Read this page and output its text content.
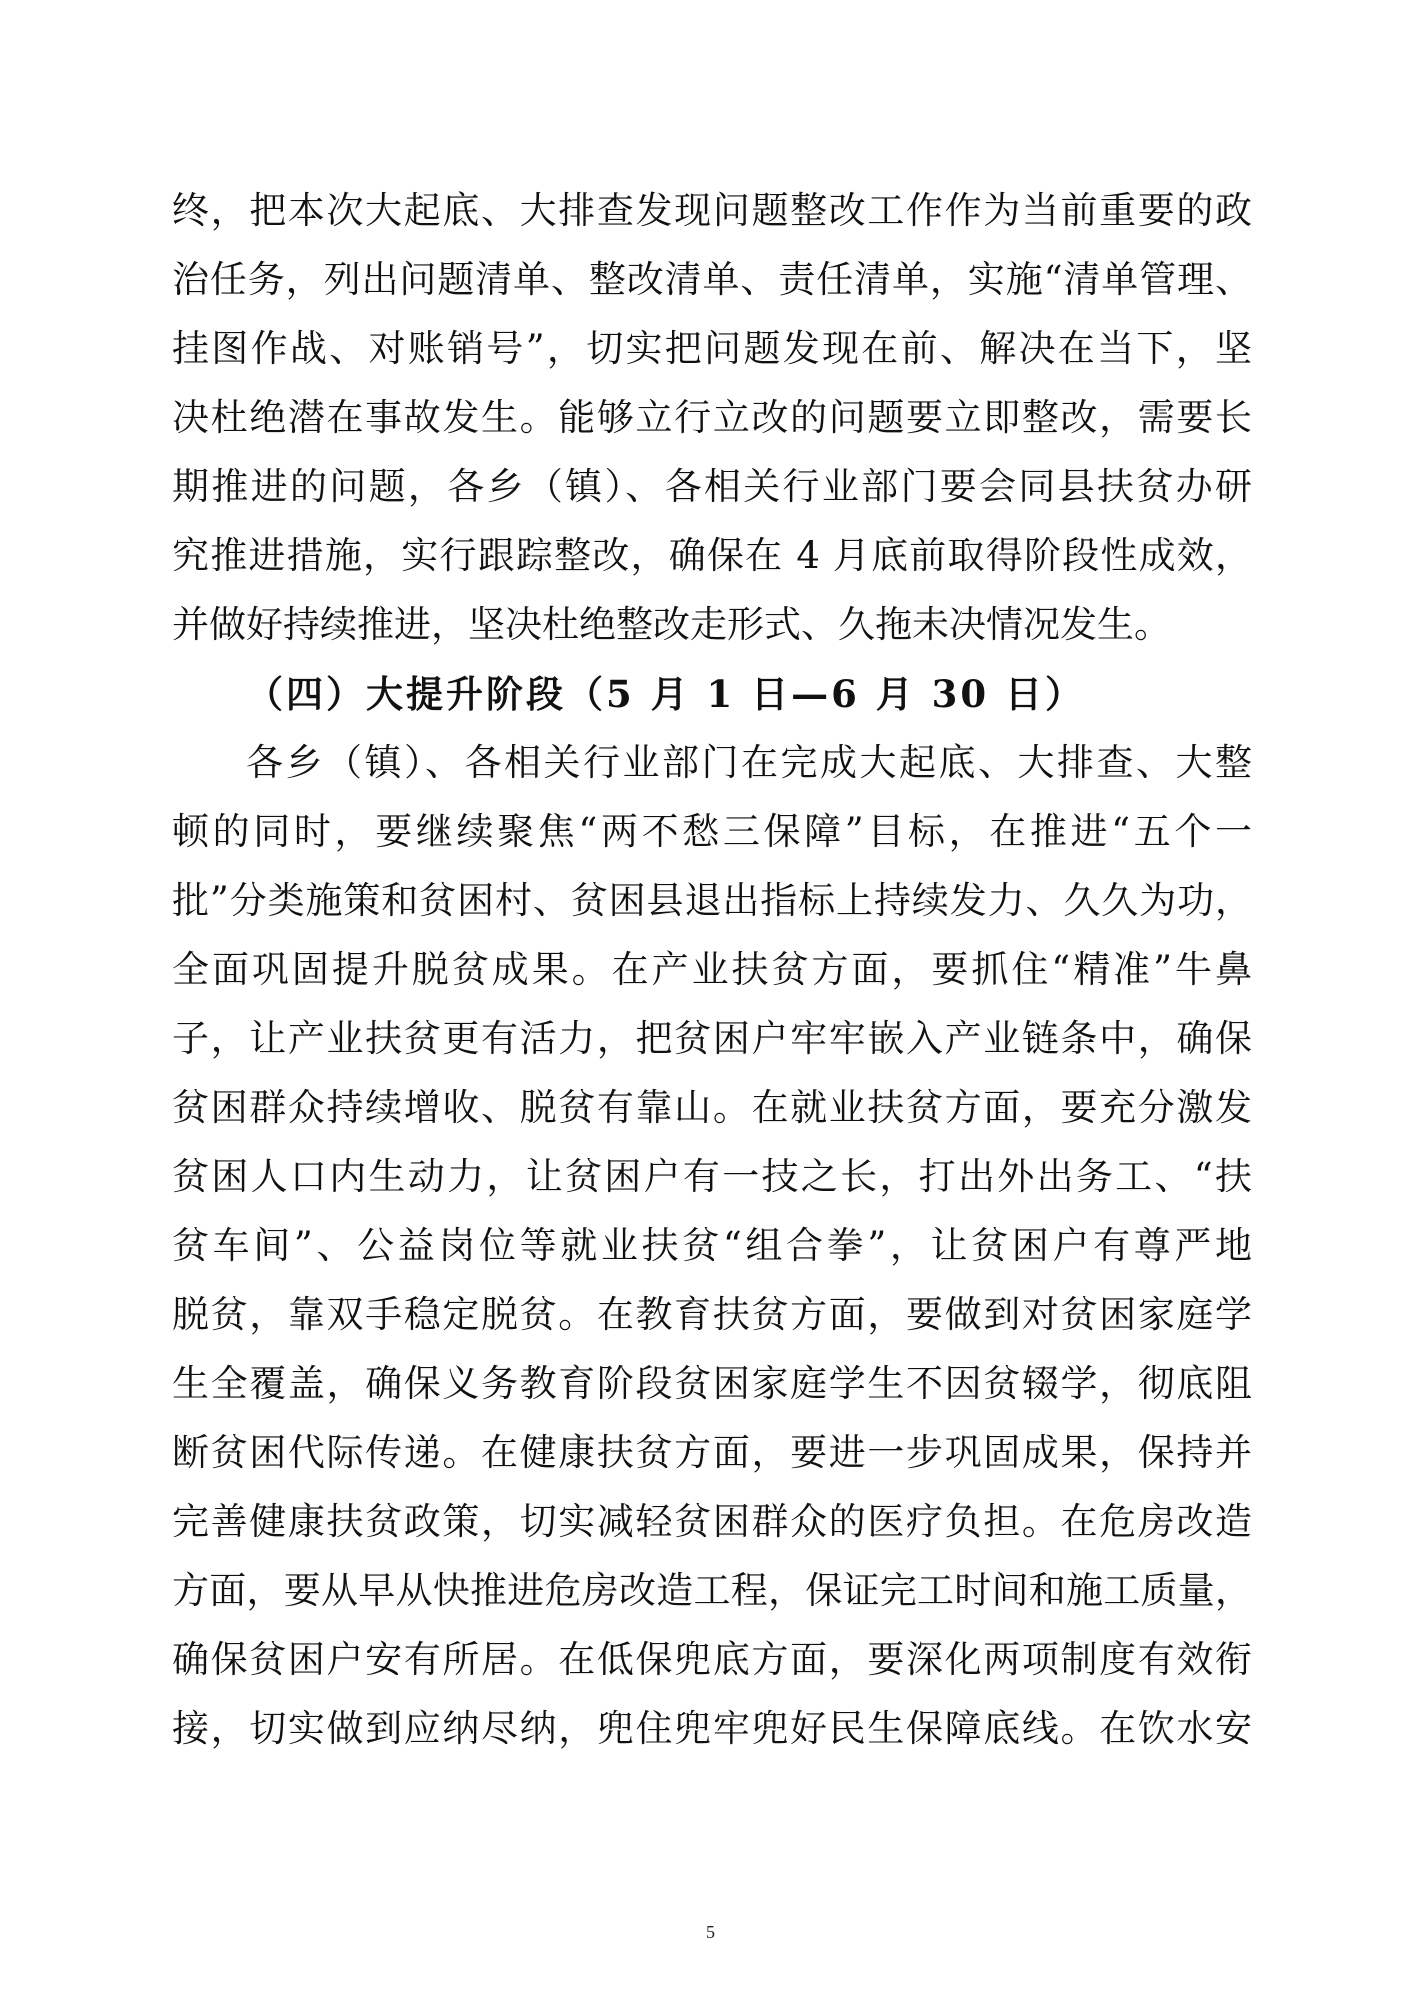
终，把本次大起底、大排查发现问题整改工作作为当前重要的政
治任务，列出问题清单、整改清单、责任清单，实施“清单管理、
挂图作战、对账销号”，切实把问题发现在前、解决在当下，坚
决杜绝潜在事故发生。能够立行立改的问题要立即整改，需要长
期推进的问题，各乡（镇）、各相关行业部门要会同县扶贫办研
究推进措施，实行跟踪整改，确保在 4 月底前取得阶段性成效，
并做好持续推进，坚决杜绝整改走形式、久拖未决情况发生。
（四）大提升阶段（5 月 1 日—6 月 30 日）
各乡（镇）、各相关行业部门在完成大起底、大排查、大整
顿的同时，要继续聚焦“两不愁三保障”目标，在推进“五个一
批”分类施策和贫困村、贫困县退出指标上持续发力、久久为功，
全面巩固提升脱贫成果。在产业扶贫方面，要抓住“精准”牛鼻
子，让产业扶贫更有活力，把贫困户牢牢嵌入产业链条中，确保
贫困群众持续增收、脱贫有靠山。在就业扶贫方面，要充分激发
贫困人口内生动力，让贫困户有一技之长，打出外出务工、“扶
贫车间”、公益岗位等就业扶贫“组合拳”，让贫困户有尊严地
脱贫，靠双手稳定脱贫。在教育扶贫方面，要做到对贫困家庭学
生全覆盖，确保义务教育阶段贫困家庭学生不因贫辍学，彻底阻
断贫困代际传递。在健康扶贫方面，要进一步巩固成果，保持并
完善健康扶贫政策，切实减轻贫困群众的医疗负担。在危房改造
方面，要从早从快推进危房改造工程，保证完工时间和施工质量，
确保贫困户安有所居。在低保兜底方面，要深化两项制度有效衔
接，切实做到应纳尽纳，兜住兜牢兜好民生保障底线。在饮水安
5
